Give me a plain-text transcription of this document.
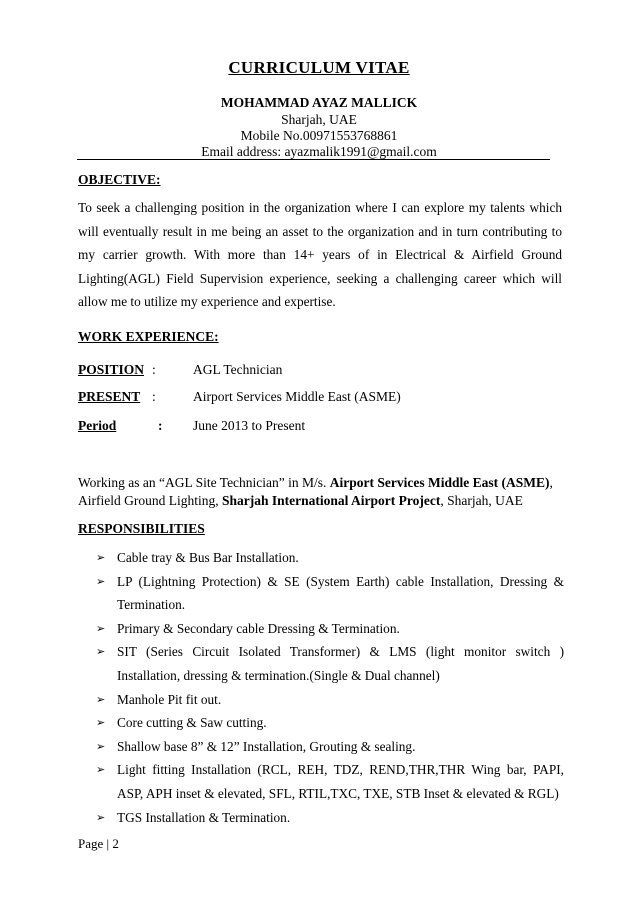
CURRICULUM VITAE
MOHAMMAD AYAZ MALLICK
Sharjah, UAE
Mobile No.00971553768861
Email address: ayazmalik1991@gmail.com
OBJECTIVE:
To seek a challenging position in the organization where I can explore my talents which will eventually result in me being an asset to the organization and in turn contributing to my carrier growth. With more than 14+ years of in Electrical & Airfield Ground Lighting(AGL) Field Supervision experience, seeking a challenging career which will allow me to utilize my experience and expertise.
WORK EXPERIENCE:
POSITION :	AGL Technician
PRESENT :	Airport Services Middle East (ASME)
Period	: June 2013 to Present
Working as an “AGL Site Technician” in M/s. Airport Services Middle East (ASME), Airfield Ground Lighting, Sharjah International Airport Project, Sharjah, UAE
RESPONSIBILITIES
➢ Cable tray & Bus Bar Installation.
➢ LP (Lightning Protection) & SE (System Earth) cable Installation, Dressing & Termination.
➢ Primary & Secondary cable Dressing & Termination.
➢ SIT (Series Circuit Isolated Transformer) & LMS (light monitor switch ) Installation, dressing & termination.(Single & Dual channel)
➢ Manhole Pit fit out.
➢ Core cutting & Saw cutting.
➢ Shallow base 8” & 12” Installation, Grouting & sealing.
➢ Light fitting Installation (RCL, REH, TDZ, REND,THR,THR Wing bar, PAPI, ASP, APH inset & elevated, SFL, RTIL,TXC, TXE, STB Inset & elevated & RGL)
➢ TGS Installation & Termination.
Page | 2
